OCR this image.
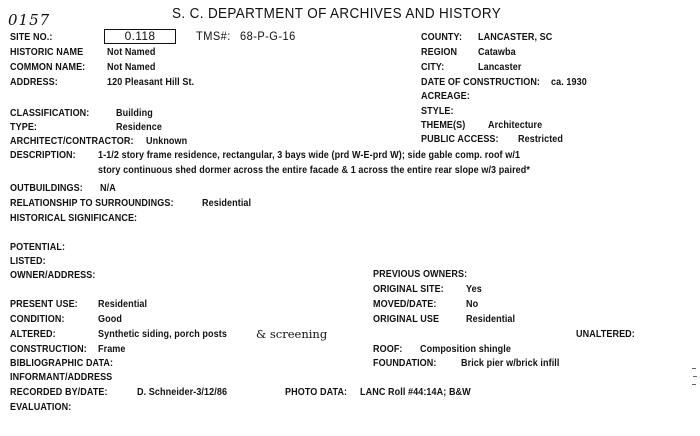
0157	S. C. DEPARTMENT OF ARCHIVES AND HISTORY
SITE NO.:	0.118	TMS#: 68-P-G-16
HISTORIC NAME Not Named
COMMON NAME: Not Named
ADDRESS:	120 Pleasant Hill St.
COUNTY: LANCASTER, SC
REGION Catawba
CITY:	Lancaster
DATE OF CONSTRUCTION: ca. 1930
ACREAGE:
STYLE:
CLASSIFICATION:	Building
TYPE:	Residence
ARCHITECT/CONTRACTOR: Unknown
THEME(S) Architecture
PUBLIC ACCESS: Restricted
DESCRIPTION: 1-1/2 story frame residence, rectangular, 3 bays wide (prd W-E-prd W); side gable comp. roof w/1
story continuous shed dormer across the entire facade & 1 across the entire rear slope w/3 paired*
OUTBUILDINGS: N/A
RELATIONSHIP TO SURROUNDINGS:	Residential
HISTORICAL SIGNIFICANCE:
POTENTIAL:
LISTED:
OWNER/ADDRESS:	PREVIOUS OWNERS:
ORIGINAL SITE: Yes
MOVED/DATE:	No
ORIGINAL USE	Residential
PRESENT USE: Residential
CONDITION:	Good
ALTERED:	Synthetic siding, porch posts	& screening	UNALTERED:
CONSTRUCTION: Frame	ROOF: Composition shingle
BIBLIOGRAPHIC DATA:	FOUNDATION: Brick pier w/brick infill
INFORMANT/ADDRESS
RECORDED BY/DATE:	D. Schneider-3/12/86	PHOTO DATA: LANC Roll #44:14A; B&W
EVALUATION:
